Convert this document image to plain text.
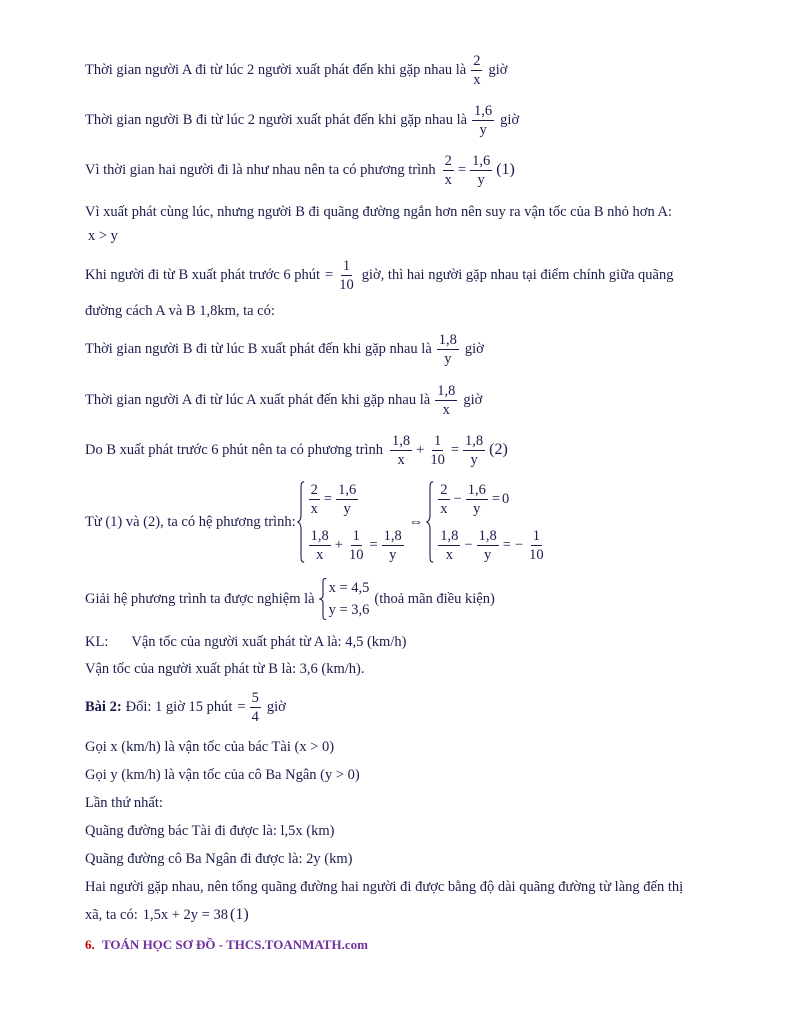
Thời gian người A đi từ lúc 2 người xuất phát đến khi gặp nhau là $\frac{2}{x}$ giờ
Thời gian người B đi từ lúc 2 người xuất phát đến khi gặp nhau là $\frac{1,6}{y}$ giờ
Vì thời gian hai người đi là như nhau nên ta có phương trình $\frac{2}{x} = \frac{1,6}{y} (1)$
Vì xuất phát cùng lúc, nhưng người B đi quãng đường ngắn hơn nên suy ra vận tốc của B nhỏ hơn A:
x > y
Khi người đi từ B xuất phát trước 6 phút = $\frac{1}{10}$ giờ, thì hai người gặp nhau tại điểm chính giữa quãng
đường cách A và B 1,8km, ta có:
Thời gian người B đi từ lúc B xuất phát đến khi gặp nhau là $\frac{1,8}{y}$ giờ
Thời gian người A đi từ lúc A xuất phát đến khi gặp nhau là $\frac{1,8}{x}$ giờ
Do B xuất phát trước 6 phút nên ta có phương trình $\frac{1,8}{x} + \frac{1}{10} = \frac{1,8}{y} (2)$
Từ (1) và (2), ta có hệ phương trình:
$\frac{2}{x} = \frac{1,6}{y}$
$\frac{1,8}{x} + \frac{1}{10} = \frac{1,8}{y}$
⇔
$\frac{2}{x} - \frac{1,6}{y} = 0$
$\frac{1,8}{x} - \frac{1,8}{y}$ = − $\frac{1}{10}$
Giải hệ phương trình ta được nghiệm là
x = 4,5
y = 3,6
(thoả mãn điều kiện)
KL: Vận tốc của người xuất phát từ A là: 4,5 (km/h)
Vận tốc của người xuất phát từ B là: 3,6 (km/h).
Bài 2: Đổi: 1 giờ 15 phút = $\frac{5}{4}$ giờ
Gọi x (km/h) là vận tốc của bác Tài (x > 0)
Gọi y (km/h) là vận tốc của cô Ba Ngân (y > 0)
Lần thứ nhất:
Quãng đường bác Tài đi được là: l,5x (km)
Quãng đường cô Ba Ngân đi được là: 2y (km)
Hai người gặp nhau, nên tổng quãng đường hai người đi được bằng độ dài quãng đường từ làng đến thị
xã, ta có: 1,5x + 2y = 38 (1)
6. TOÁN HỌC SƠ ĐỒ - THCS.TOANMATH.com
